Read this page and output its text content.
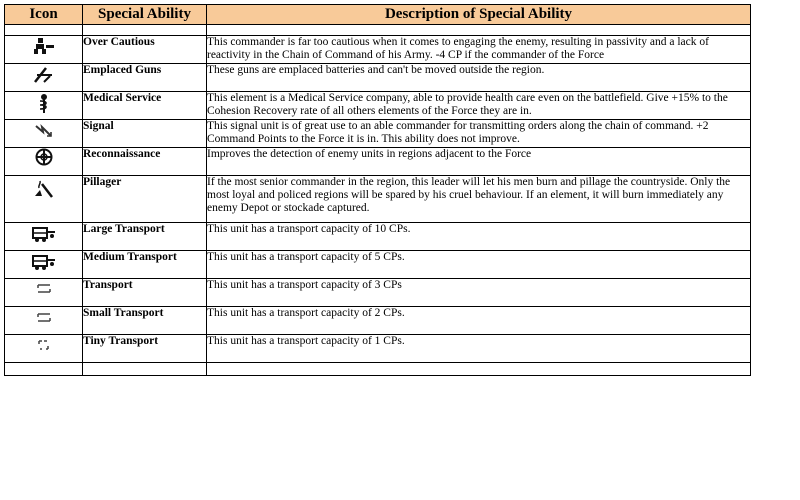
Icon	Special Ability	Description of Special Ability

	Over Cautious	This commander is far too cautious when it comes to engaging the enemy, resulting in passivity and a lack of reactivity in the Chain of Command of his Army. -4 CP if the commander of the Force

	Emplaced Guns	These guns are emplaced batteries and can't be moved outside the region.

	Medical Service	This element is a Medical Service company, able to provide health care even on the battlefield. Give +15% to the Cohesion Recovery rate of all others elements of the Force they are in.

	Signal	This signal unit is of great use to an able commander for transmitting orders along the chain of command. +2 Command Points to the Force it is in. This ability does not improve.

	Reconnaissance	Improves the detection of enemy units in regions adjacent to the Force

	Pillager	If the most senior commander in the region, this leader will let his men burn and pillage the countryside. Only the most loyal and policed regions will be spared by his cruel behaviour. If an element, it will burn immediately any enemy Depot or stockade captured.

	Large Transport	This unit has a transport capacity of 10 CPs.

	Medium Transport	This unit has a transport capacity of 5 CPs.

	Transport	This unit has a transport capacity of 3 CPs

	Small Transport	This unit has a transport capacity of 2 CPs.

	Tiny Transport	This unit has a transport capacity of 1 CPs.
